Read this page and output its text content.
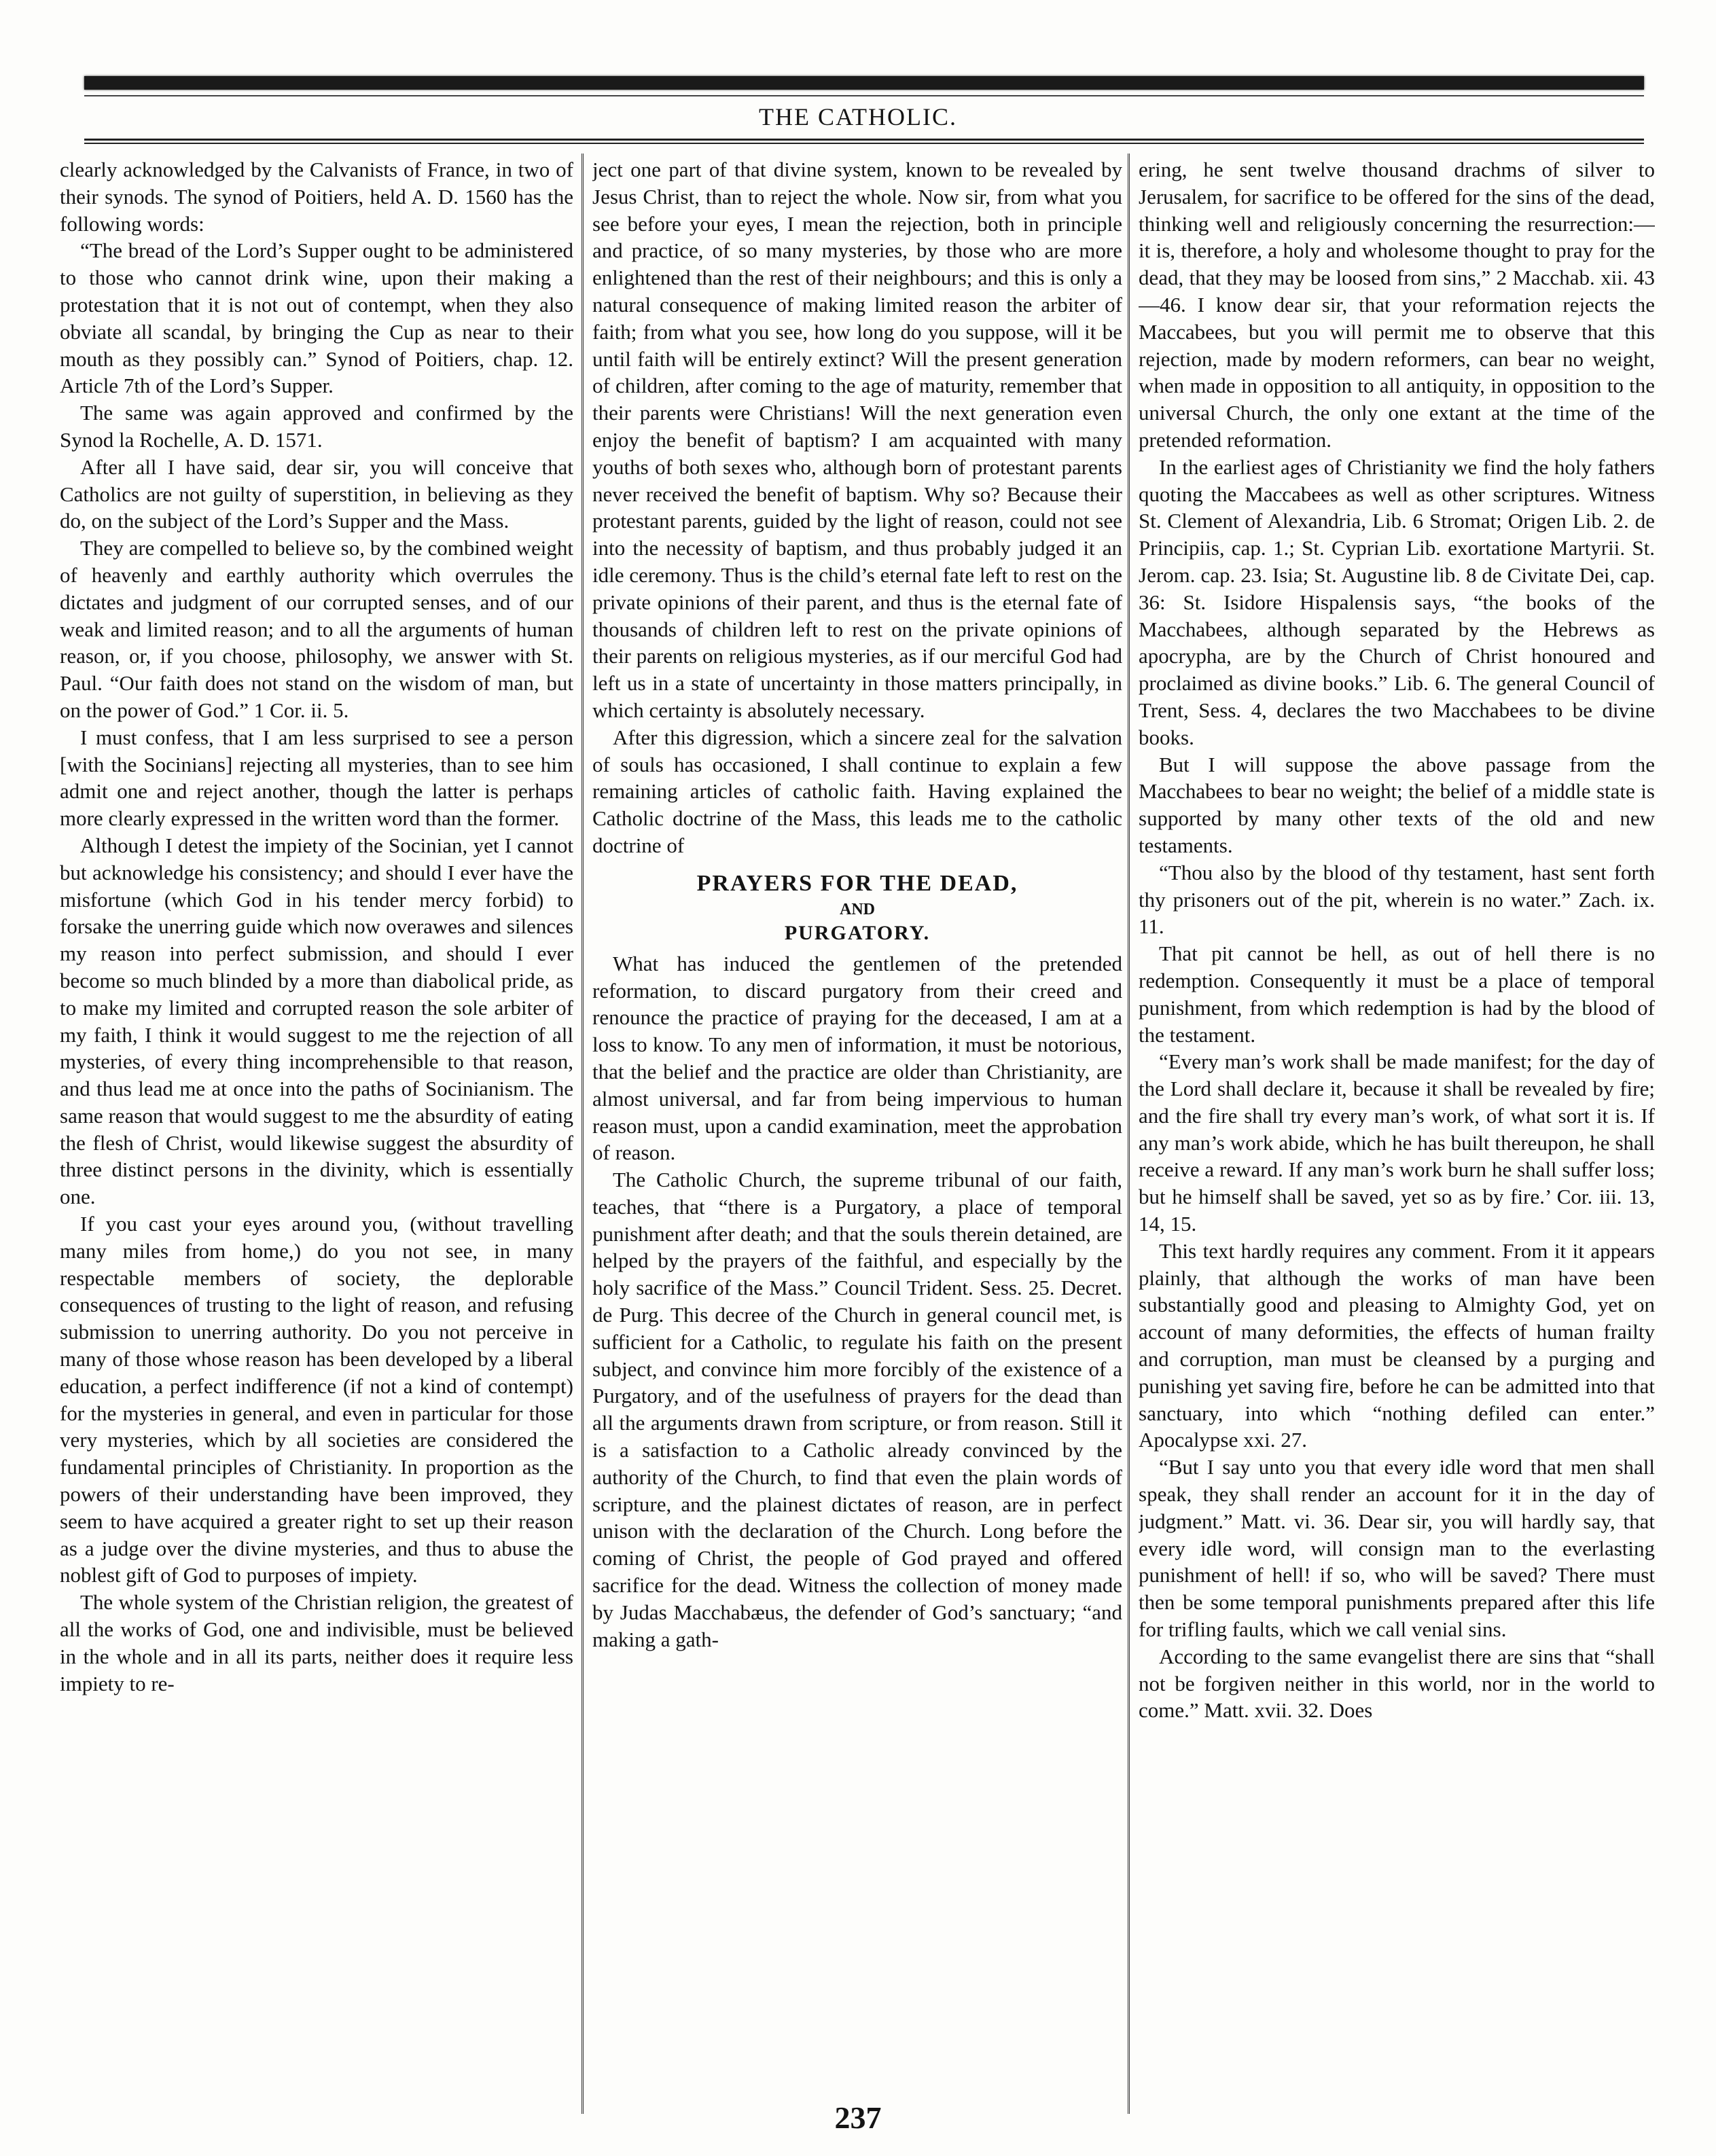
THE CATHOLIC.

clearly acknowledged by the Calvanists of France, in two of their synods. The synod of Poitiers, held A. D. 1560 has the following words:

“The bread of the Lord’s Supper ought to be administered to those who cannot drink wine, upon their making a protestation that it is not out of contempt, when they also obviate all scandal, by bringing the Cup as near to their mouth as they possibly can.” Synod of Poitiers, chap. 12. Article 7th of the Lord’s Supper.

The same was again approved and confirmed by the Synod la Rochelle, A. D. 1571.

After all I have said, dear sir, you will conceive that Catholics are not guilty of superstition, in believing as they do, on the subject of the Lord’s Supper and the Mass.

They are compelled to believe so, by the combined weight of heavenly and earthly authority which overrules the dictates and judgment of our corrupted senses, and of our weak and limited reason; and to all the arguments of human reason, or, if you choose, philosophy, we answer with St. Paul. “Our faith does not stand on the wisdom of man, but on the power of God.” 1 Cor. ii. 5.

I must confess, that I am less surprised to see a person [with the Socinians] rejecting all mysteries, than to see him admit one and reject another, though the latter is perhaps more clearly expressed in the written word than the former.

Although I detest the impiety of the Socinian, yet I cannot but acknowledge his consistency; and should I ever have the misfortune (which God in his tender mercy forbid) to forsake the unerring guide which now overawes and silences my reason into perfect submission, and should I ever become so much blinded by a more than diabolical pride, as to make my limited and corrupted reason the sole arbiter of my faith, I think it would suggest to me the rejection of all mysteries, of every thing incomprehensible to that reason, and thus lead me at once into the paths of Socinianism. The same reason that would suggest to me the absurdity of eating the flesh of Christ, would likewise suggest the absurdity of three distinct persons in the divinity, which is essentially one.

If you cast your eyes around you, (without travelling many miles from home,) do you not see, in many respectable members of society, the deplorable consequences of trusting to the light of reason, and refusing submission to unerring authority. Do you not perceive in many of those whose reason has been developed by a liberal education, a perfect indifference (if not a kind of contempt) for the mysteries in general, and even in particular for those very mysteries, which by all societies are considered the fundamental principles of Christianity. In proportion as the powers of their understanding have been improved, they seem to have acquired a greater right to set up their reason as a judge over the divine mysteries, and thus to abuse the noblest gift of God to purposes of impiety.

The whole system of the Christian religion, the greatest of all the works of God, one and indivisible, must be believed in the whole and in all its parts, neither does it require less impiety to re-

ject one part of that divine system, known to be revealed by Jesus Christ, than to reject the whole. Now sir, from what you see before your eyes, I mean the rejection, both in principle and practice, of so many mysteries, by those who are more enlightened than the rest of their neighbours; and this is only a natural consequence of making limited reason the arbiter of faith; from what you see, how long do you suppose, will it be until faith will be entirely extinct? Will the present generation of children, after coming to the age of maturity, remember that their parents were Christians! Will the next generation even enjoy the benefit of baptism? I am acquainted with many youths of both sexes who, although born of protestant parents never received the benefit of baptism. Why so? Because their protestant parents, guided by the light of reason, could not see into the necessity of baptism, and thus probably judged it an idle ceremony. Thus is the child’s eternal fate left to rest on the private opinions of their parent, and thus is the eternal fate of thousands of children left to rest on the private opinions of their parents on religious mysteries, as if our merciful God had left us in a state of uncertainty in those matters principally, in which certainty is absolutely necessary.

After this digression, which a sincere zeal for the salvation of souls has occasioned, I shall continue to explain a few remaining articles of catholic faith. Having explained the Catholic doctrine of the Mass, this leads me to the catholic doctrine of

PRAYERS FOR THE DEAD,
AND
PURGATORY.

What has induced the gentlemen of the pretended reformation, to discard purgatory from their creed and renounce the practice of praying for the deceased, I am at a loss to know. To any men of information, it must be notorious, that the belief and the practice are older than Christianity, are almost universal, and far from being impervious to human reason must, upon a candid examination, meet the approbation of reason.

The Catholic Church, the supreme tribunal of our faith, teaches, that “there is a Purgatory, a place of temporal punishment after death; and that the souls therein detained, are helped by the prayers of the faithful, and especially by the holy sacrifice of the Mass.” Council Trident. Sess. 25. Decret. de Purg. This decree of the Church in general council met, is sufficient for a Catholic, to regulate his faith on the present subject, and convince him more forcibly of the existence of a Purgatory, and of the usefulness of prayers for the dead than all the arguments drawn from scripture, or from reason. Still it is a satisfaction to a Catholic already convinced by the authority of the Church, to find that even the plain words of scripture, and the plainest dictates of reason, are in perfect unison with the declaration of the Church. Long before the coming of Christ, the people of God prayed and offered sacrifice for the dead. Witness the collection of money made by Judas Macchabæus, the defender of God’s sanctuary; “and making a gath-

ering, he sent twelve thousand drachms of silver to Jerusalem, for sacrifice to be offered for the sins of the dead, thinking well and religiously concerning the resurrection:—it is, therefore, a holy and wholesome thought to pray for the dead, that they may be loosed from sins,” 2 Macchab. xii. 43—46. I know dear sir, that your reformation rejects the Maccabees, but you will permit me to observe that this rejection, made by modern reformers, can bear no weight, when made in opposition to all antiquity, in opposition to the universal Church, the only one extant at the time of the pretended reformation.

In the earliest ages of Christianity we find the holy fathers quoting the Maccabees as well as other scriptures. Witness St. Clement of Alexandria, Lib. 6 Stromat; Origen Lib. 2. de Principiis, cap. 1.; St. Cyprian Lib. exortatione Martyrii. St. Jerom. cap. 23. Isia; St. Augustine lib. 8 de Civitate Dei, cap. 36: St. Isidore Hispalensis says, “the books of the Macchabees, although separated by the Hebrews as apocrypha, are by the Church of Christ honoured and proclaimed as divine books.” Lib. 6. The general Council of Trent, Sess. 4, declares the two Macchabees to be divine books.

But I will suppose the above passage from the Macchabees to bear no weight; the belief of a middle state is supported by many other texts of the old and new testaments.

“Thou also by the blood of thy testament, hast sent forth thy prisoners out of the pit, wherein is no water.” Zach. ix. 11.

That pit cannot be hell, as out of hell there is no redemption. Consequently it must be a place of temporal punishment, from which redemption is had by the blood of the testament.

“Every man’s work shall be made manifest; for the day of the Lord shall declare it, because it shall be revealed by fire; and the fire shall try every man’s work, of what sort it is. If any man’s work abide, which he has built thereupon, he shall receive a reward. If any man’s work burn he shall suffer loss; but he himself shall be saved, yet so as by fire.’ Cor. iii. 13, 14, 15.

This text hardly requires any comment. From it it appears plainly, that although the works of man have been substantially good and pleasing to Almighty God, yet on account of many deformities, the effects of human frailty and corruption, man must be cleansed by a purging and punishing yet saving fire, before he can be admitted into that sanctuary, into which “nothing defiled can enter.” Apocalypse xxi. 27.

“But I say unto you that every idle word that men shall speak, they shall render an account for it in the day of judgment.” Matt. vi. 36. Dear sir, you will hardly say, that every idle word, will consign man to the everlasting punishment of hell! if so, who will be saved? There must then be some temporal punishments prepared after this life for trifling faults, which we call venial sins.

According to the same evangelist there are sins that “shall not be forgiven neither in this world, nor in the world to come.” Matt. xvii. 32. Does

237
